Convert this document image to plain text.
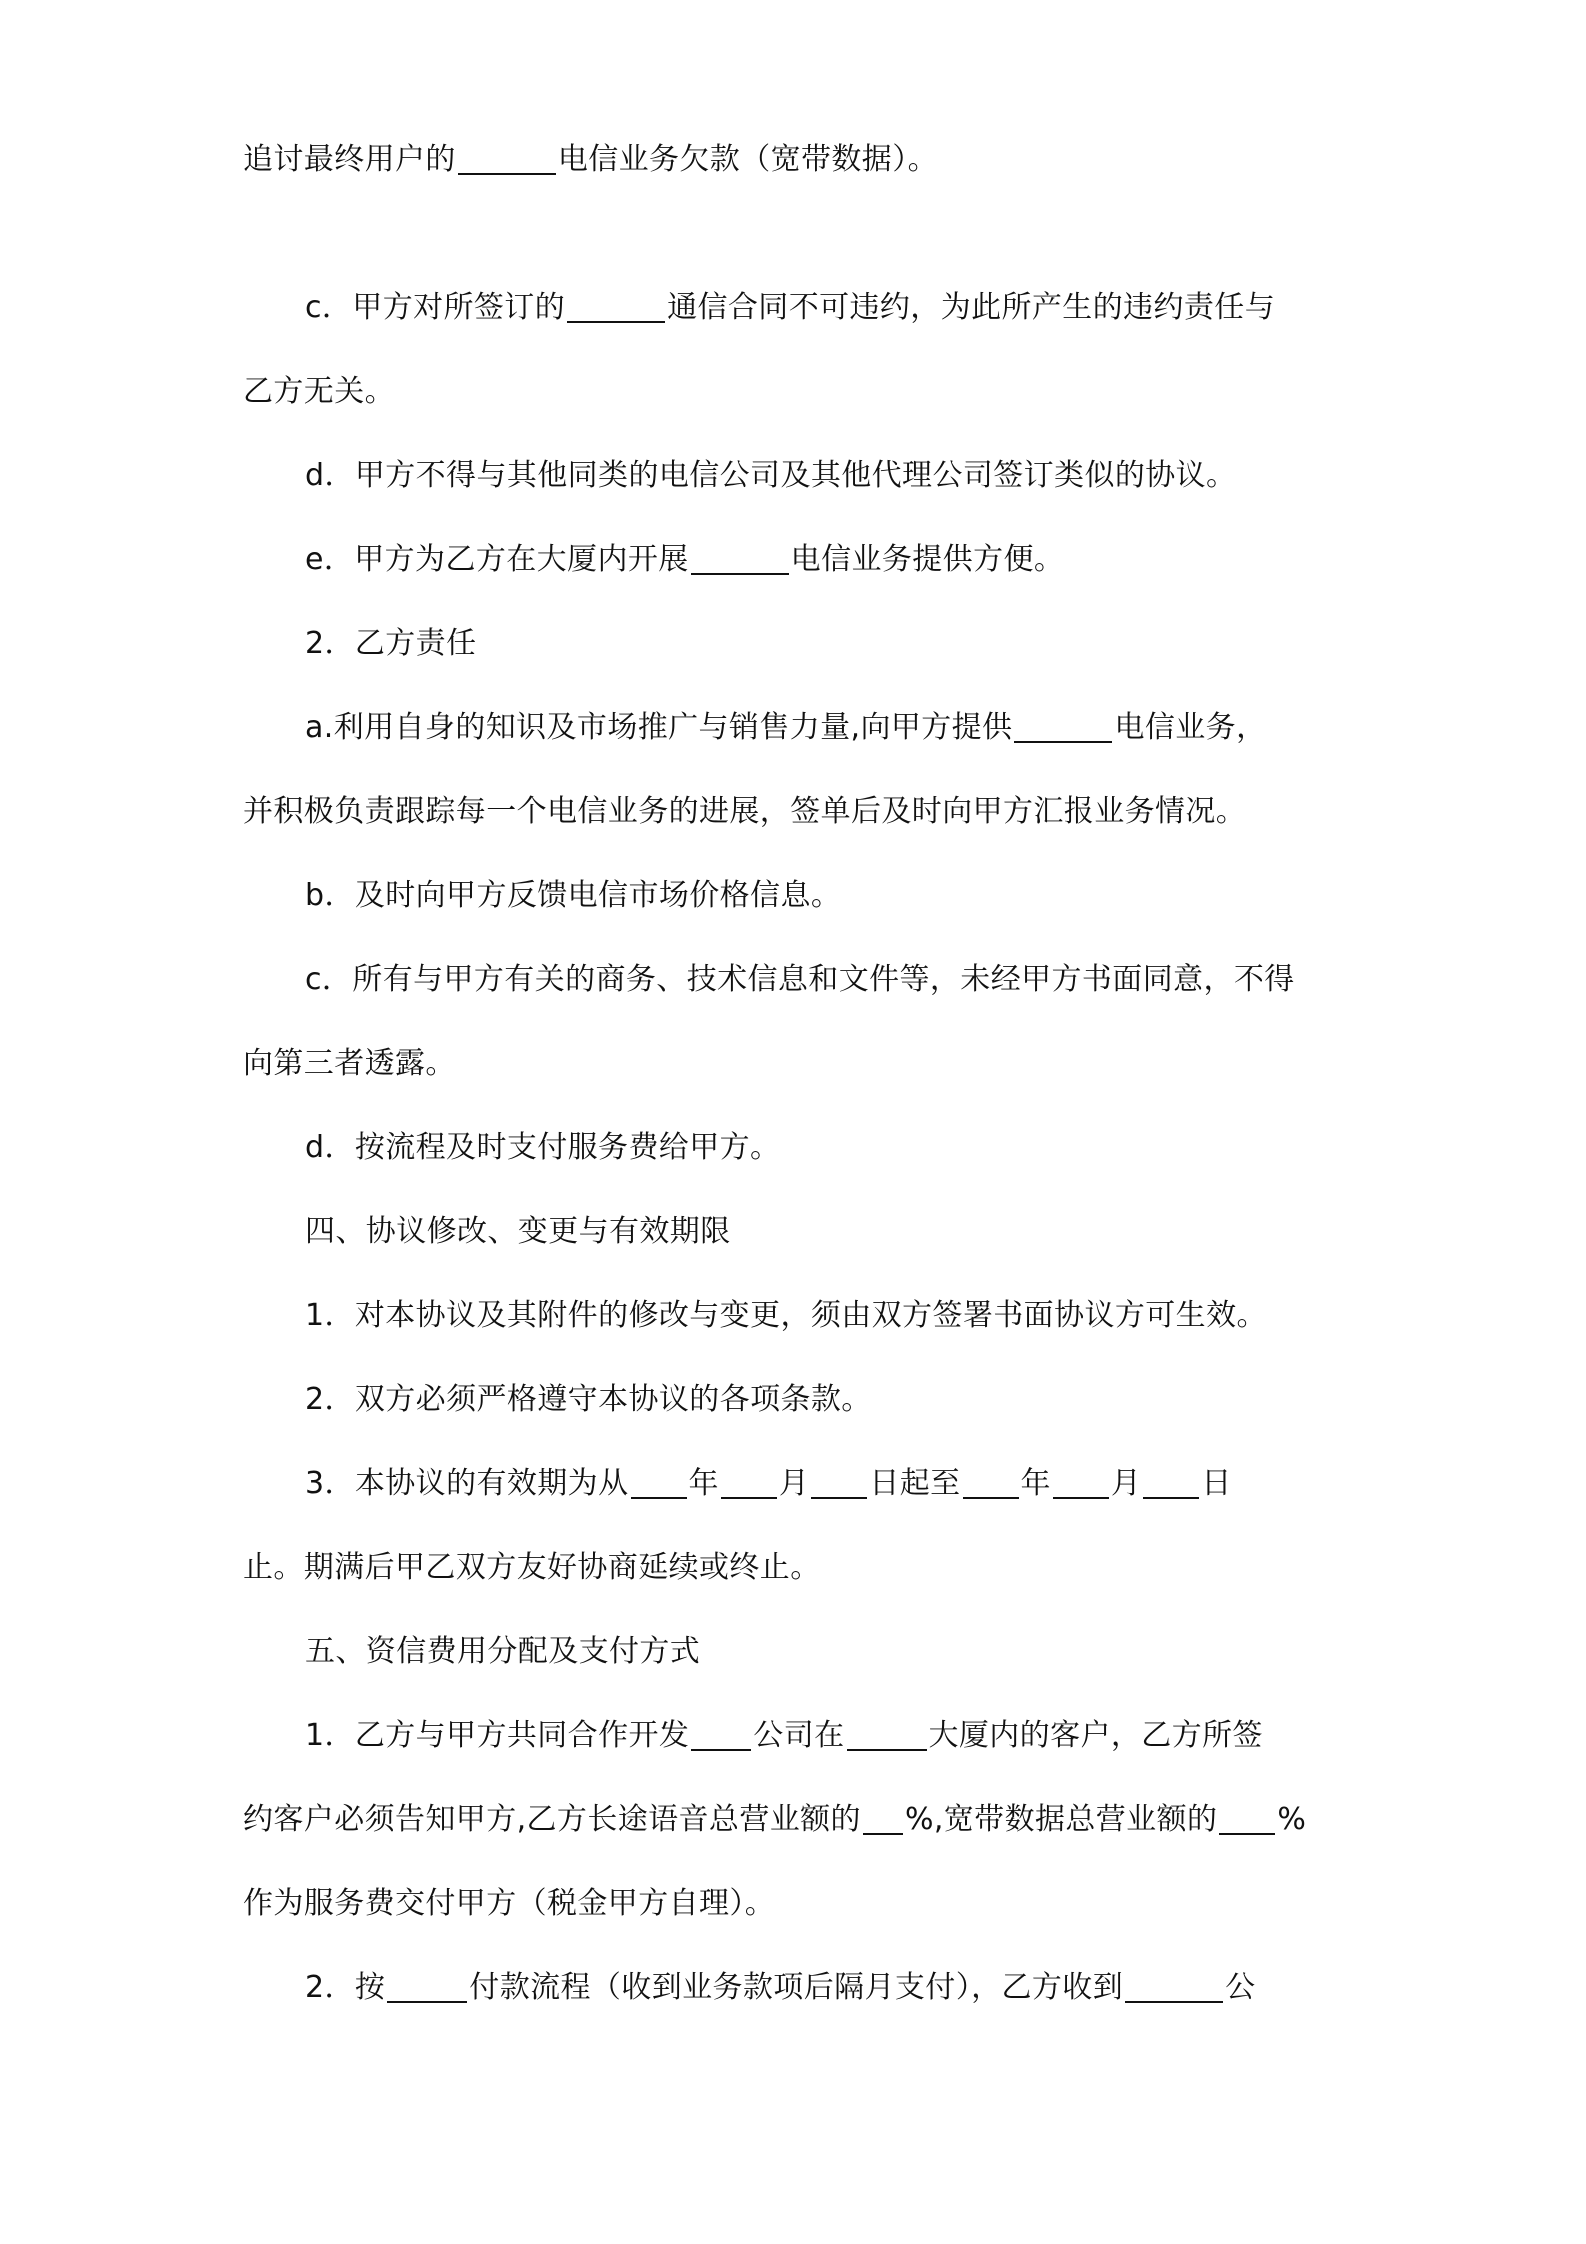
追讨最终用户的	电信业务欠款（宽带数据）。
c．甲方对所签订的	通信合同不可违约，为此所产生的违约责任与
乙方无关。
d．甲方不得与其他同类的电信公司及其他代理公司签订类似的协议。
e．甲方为乙方在大厦内开展	电信业务提供方便。
2．乙方责任
a.利用自身的知识及市场推广与销售力量,向甲方提供	电信业务，
并积极负责跟踪每一个电信业务的进展，签单后及时向甲方汇报业务情况。
b．及时向甲方反馈电信市场价格信息。
c．所有与甲方有关的商务、技术信息和文件等，未经甲方书面同意，不得
向第三者透露。
d．按流程及时支付服务费给甲方。
四、协议修改、变更与有效期限
1．对本协议及其附件的修改与变更，须由双方签署书面协议方可生效。
2．双方必须严格遵守本协议的各项条款。
3．本协议的有效期为从 年 月 日起至 年 月 日
止。期满后甲乙双方友好协商延续或终止。
五、资信费用分配及支付方式
1．乙方与甲方共同合作开发 公司在	大厦内的客户，乙方所签
约客户必须告知甲方,乙方长途语音总营业额的 %,宽带数据总营业额的 %
作为服务费交付甲方（税金甲方自理）。
2．按	付款流程（收到业务款项后隔月支付），乙方收到	公
